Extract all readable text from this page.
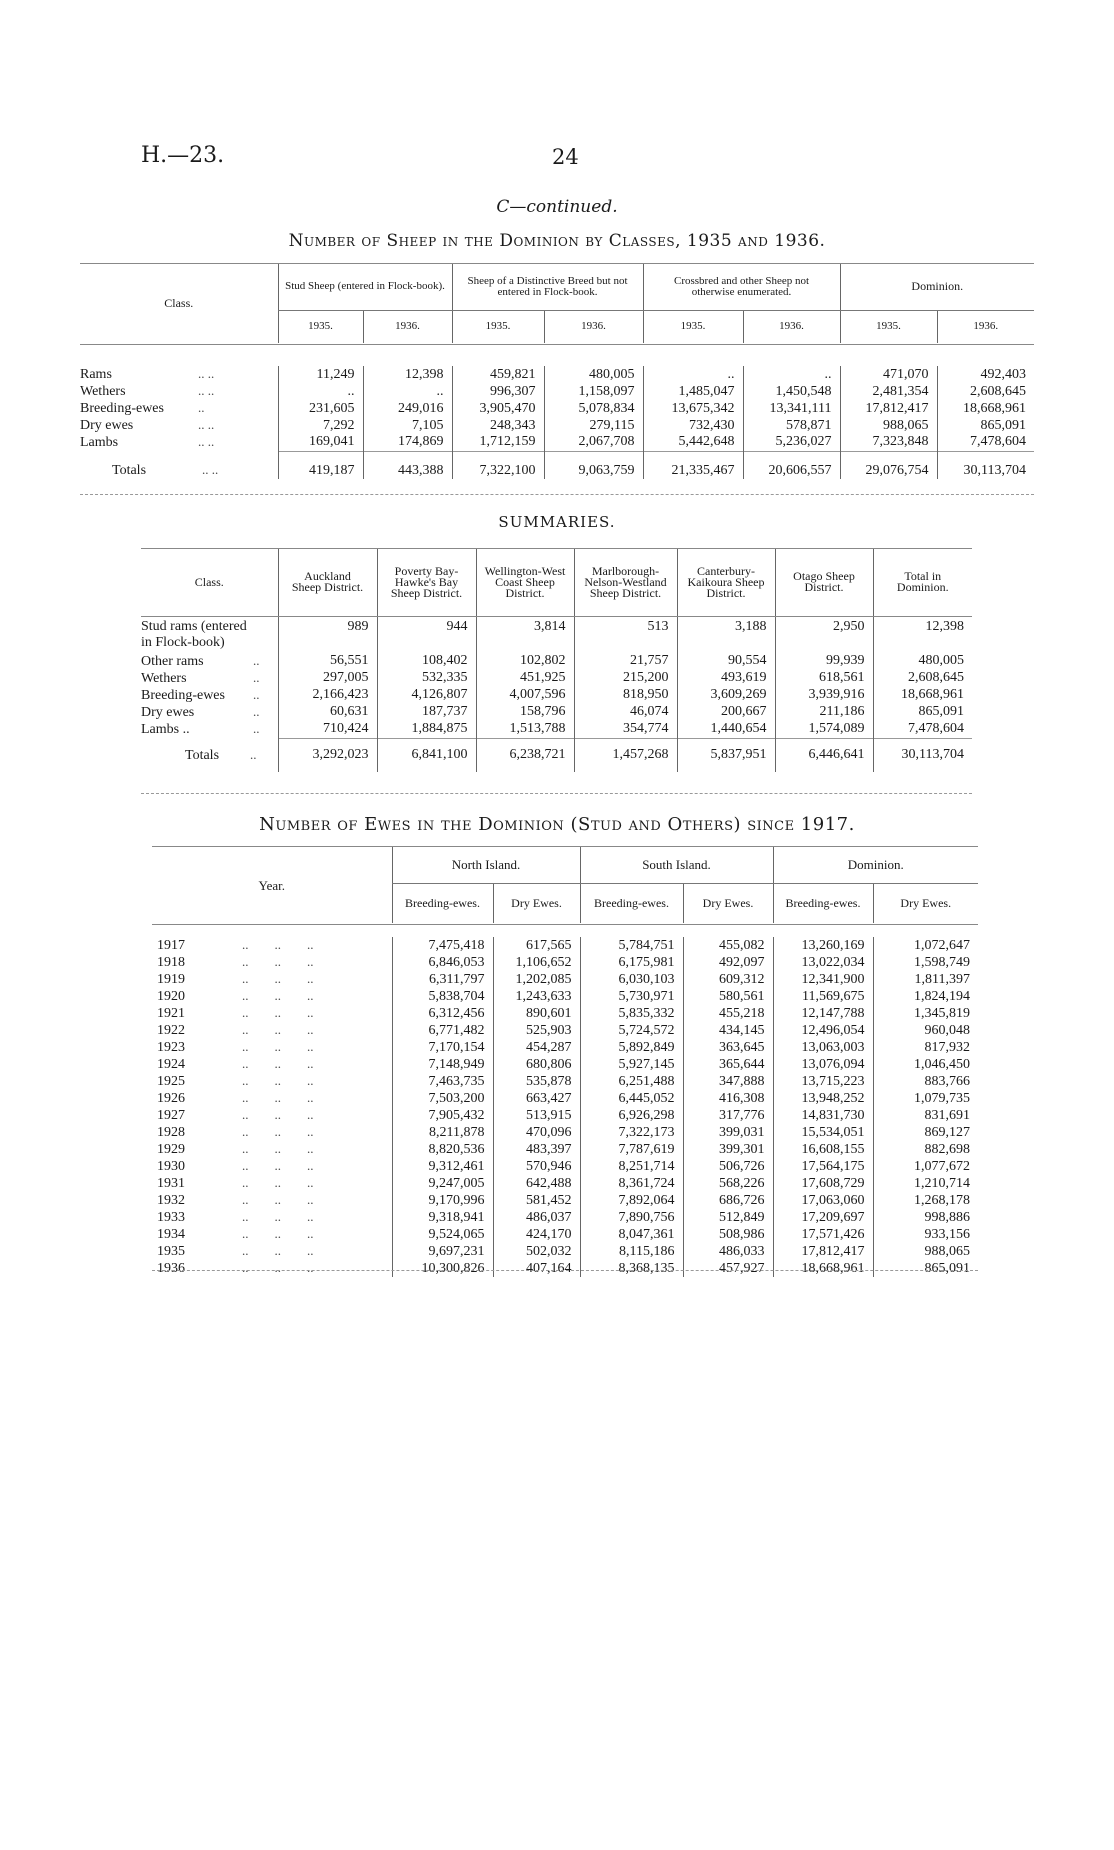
H.—23.	24
C—continued.
Number of Sheep in the Dominion by Classes, 1935 and 1936.
Class.	Stud Sheep (entered in Flock-book).		Sheep of a Distinctive Breed but not entered in Flock-book.		Crossbred and other Sheep not otherwise enumerated.		Dominion.	
	1935.	1936.	1935.	1936.	1935.	1936.	1935.	1936.
Rams .. ..	11,249	12,398	459,821	480,005	..	..	471,070	492,403
Wethers .. ..	..	..	996,307	1,158,097	1,485,047	1,450,548	2,481,354	2,608,645
Breeding-ewes ..	231,605	249,016	3,905,470	5,078,834	13,675,342	13,341,111	17,812,417	18,668,961
Dry ewes .. ..	7,292	7,105	248,343	279,115	732,430	578,871	988,065	865,091
Lambs .. ..	169,041	174,869	1,712,159	2,067,708	5,442,648	5,236,027	7,323,848	7,478,604
Totals .. ..	419,187	443,388	7,322,100	9,063,759	21,335,467	20,606,557	29,076,754	30,113,704
SUMMARIES.
Class.	Auckland Sheep District.	Poverty Bay-Hawke's Bay Sheep District.	Wellington-West Coast Sheep District.	Marlborough-Nelson-Westland Sheep District.	Canterbury-Kaikoura Sheep District.	Otago Sheep District.	Total in Dominion.
Stud rams (entered in Flock-book)	989	944	3,814	513	3,188	2,950	12,398
Other rams ..	56,551	108,402	102,802	21,757	90,554	99,939	480,005
Wethers ..	297,005	532,335	451,925	215,200	493,619	618,561	2,608,645
Breeding-ewes ..	2,166,423	4,126,807	4,007,596	818,950	3,609,269	3,939,916	18,668,961
Dry ewes ..	60,631	187,737	158,796	46,074	200,667	211,186	865,091
Lambs .. ..	710,424	1,884,875	1,513,788	354,774	1,440,654	1,574,089	7,478,604
Totals ..	3,292,023	6,841,100	6,238,721	1,457,268	5,837,951	6,446,641	30,113,704
Number of Ewes in the Dominion (Stud and Others) since 1917.
Year.	North Island.		South Island.		Dominion.	
	Breeding-ewes.	Dry Ewes.	Breeding-ewes.	Dry Ewes.	Breeding-ewes.	Dry Ewes.

1917 ..        ..        ..	7,475,418	617,565	5,784,751	455,082	13,260,169	1,072,647
1918 ..        ..        ..	6,846,053	1,106,652	6,175,981	492,097	13,022,034	1,598,749
1919 ..        ..        ..	6,311,797	1,202,085	6,030,103	609,312	12,341,900	1,811,397
1920 ..        ..        ..	5,838,704	1,243,633	5,730,971	580,561	11,569,675	1,824,194
1921 ..        ..        ..	6,312,456	890,601	5,835,332	455,218	12,147,788	1,345,819
1922 ..        ..        ..	6,771,482	525,903	5,724,572	434,145	12,496,054	960,048
1923 ..        ..        ..	7,170,154	454,287	5,892,849	363,645	13,063,003	817,932
1924 ..        ..        ..	7,148,949	680,806	5,927,145	365,644	13,076,094	1,046,450
1925 ..        ..        ..	7,463,735	535,878	6,251,488	347,888	13,715,223	883,766
1926 ..        ..        ..	7,503,200	663,427	6,445,052	416,308	13,948,252	1,079,735
1927 ..        ..        ..	7,905,432	513,915	6,926,298	317,776	14,831,730	831,691
1928 ..        ..        ..	8,211,878	470,096	7,322,173	399,031	15,534,051	869,127
1929 ..        ..        ..	8,820,536	483,397	7,787,619	399,301	16,608,155	882,698
1930 ..        ..        ..	9,312,461	570,946	8,251,714	506,726	17,564,175	1,077,672
1931 ..        ..        ..	9,247,005	642,488	8,361,724	568,226	17,608,729	1,210,714
1932 ..        ..        ..	9,170,996	581,452	7,892,064	686,726	17,063,060	1,268,178
1933 ..        ..        ..	9,318,941	486,037	7,890,756	512,849	17,209,697	998,886
1934 ..        ..        ..	9,524,065	424,170	8,047,361	508,986	17,571,426	933,156
1935 ..        ..        ..	9,697,231	502,032	8,115,186	486,033	17,812,417	988,065
1936 ..        ..        ..	10,300,826	407,164	8,368,135	457,927	18,668,961	865,091
